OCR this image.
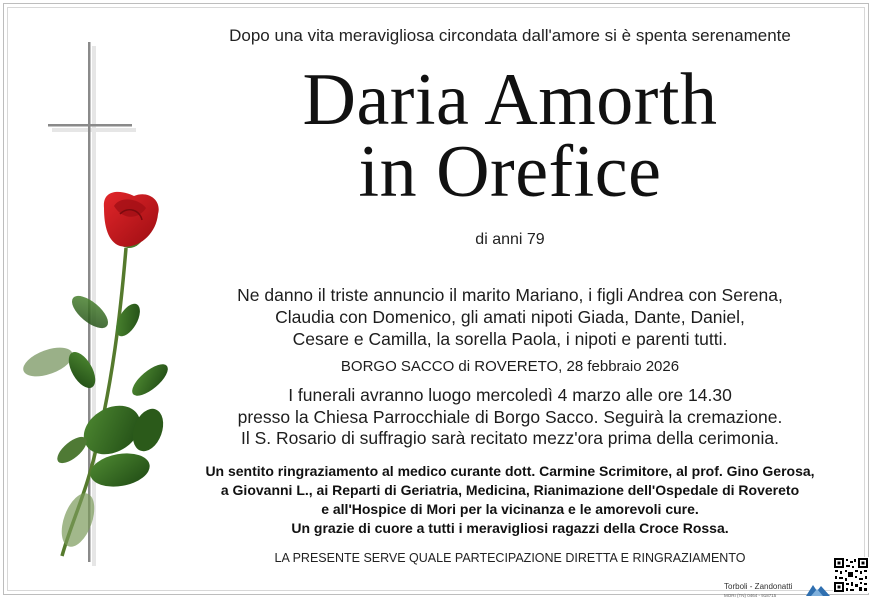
Dopo una vita meravigliosa circondata dall'amore si è spenta serenamente
Daria Amorth
in Orefice
di anni 79
Ne danno il triste annuncio il marito Mariano, i figli Andrea con Serena,
Claudia con Domenico, gli amati nipoti Giada, Dante, Daniel,
Cesare e Camilla, la sorella Paola, i nipoti e parenti tutti.
BORGO SACCO di ROVERETO, 28 febbraio 2026
I funerali avranno luogo mercoledì 4 marzo alle ore 14.30
presso la Chiesa Parrocchiale di Borgo Sacco. Seguirà la cremazione.
Il S. Rosario di suffragio sarà recitato mezz'ora prima della cerimonia.
Un sentito ringraziamento al medico curante dott. Carmine Scrimitore, al prof. Gino Gerosa,
a Giovanni L., ai Reparti di Geriatria, Medicina, Rianimazione dell'Ospedale di Rovereto
e all'Hospice di Mori per la vicinanza e le amorevoli cure.
Un grazie di cuore a tutti i meravigliosi ragazzi della Croce Rossa.
LA PRESENTE SERVE QUALE PARTECIPAZIONE DIRETTA E RINGRAZIAMENTO
Torboli - Zandonatti
MORI (TN) 0464 - 918715
